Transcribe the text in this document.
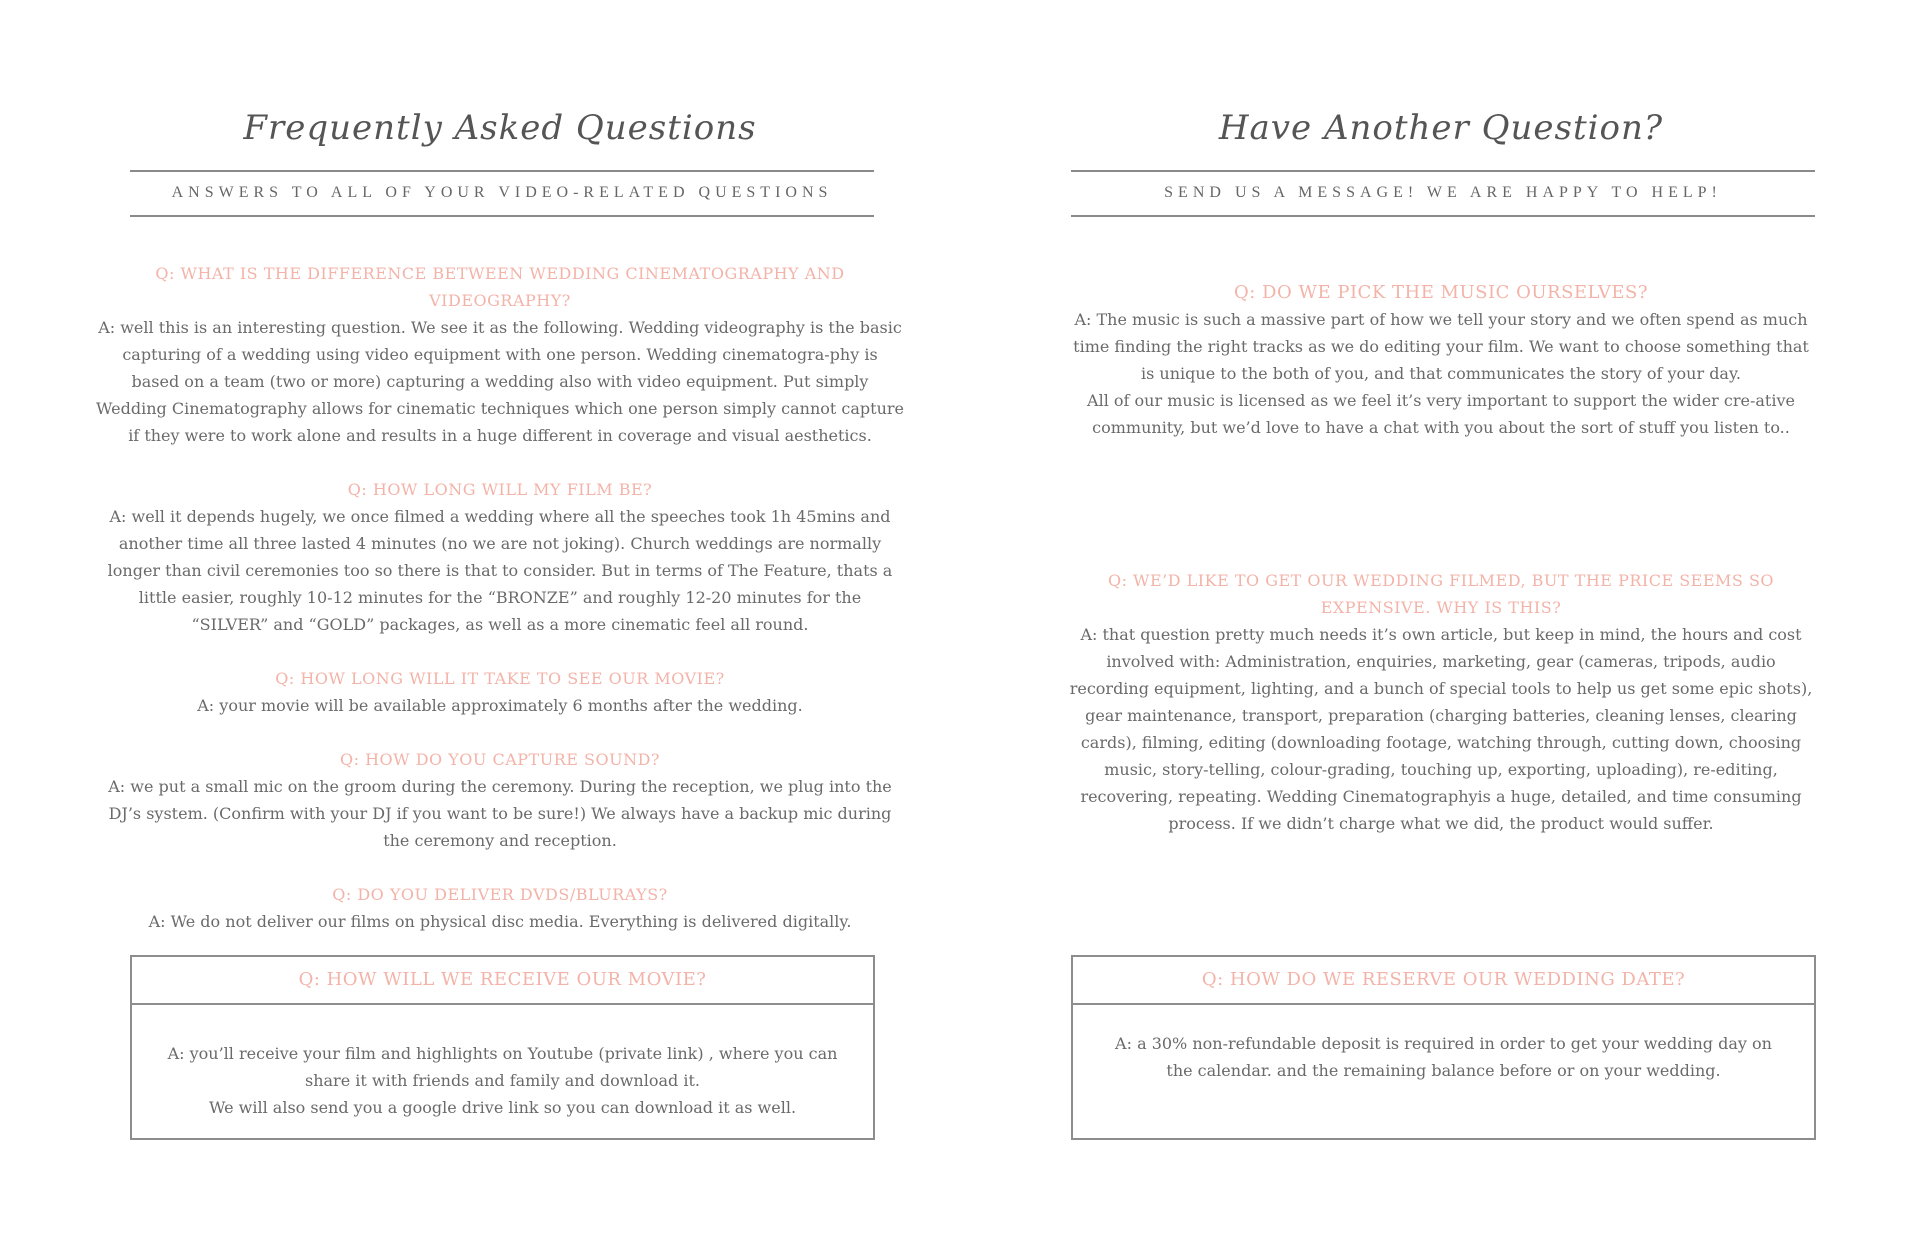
Frequently Asked Questions
ANSWERS TO ALL OF YOUR VIDEO-RELATED QUESTIONS
Q: WHAT IS THE DIFFERENCE BETWEEN WEDDING CINEMATOGRAPHY AND VIDEOGRAPHY?
A: well this is an interesting question. We see it as the following. Wedding videography is the basic capturing of a wedding using video equipment with one person. Wedding cinematogra-phy is based on a team (two or more) capturing a wedding also with video equipment. Put simply Wedding Cinematography allows for cinematic techniques which one person simply cannot capture if they were to work alone and results in a huge different in coverage and visual aesthetics.
Q: HOW LONG WILL MY FILM BE?
A: well it depends hugely, we once filmed a wedding where all the speeches took 1h 45mins and another time all three lasted 4 minutes (no we are not joking). Church weddings are normally longer than civil ceremonies too so there is that to consider. But in terms of The Feature, thats a little easier, roughly 10-12 minutes for the “BRONZE” and roughly 12-20 minutes for the “SILVER” and “GOLD” packages, as well as a more cinematic feel all round.
Q: HOW LONG WILL IT TAKE TO SEE OUR MOVIE?
A: your movie will be available approximately 6 months after the wedding.
Q: HOW DO YOU CAPTURE SOUND?
A: we put a small mic on the groom during the ceremony. During the reception, we plug into the DJ’s system. (Confirm with your DJ if you want to be sure!) We always have a backup mic during the ceremony and reception.
Q: DO YOU DELIVER DVDS/BLURAYS?
A: We do not deliver our films on physical disc media. Everything is delivered digitally.
Q: HOW WILL WE RECEIVE OUR MOVIE?
A: you’ll receive your film and highlights on Youtube (private link) , where you can share it with friends and family and download it.
We will also send you a google drive link so you can download it as well.
Have Another Question?
SEND US A MESSAGE! WE ARE HAPPY TO HELP!
Q: DO WE PICK THE MUSIC OURSELVES?
A: The music is such a massive part of how we tell your story and we often spend as much time finding the right tracks as we do editing your film. We want to choose something that is unique to the both of you, and that communicates the story of your day.
All of our music is licensed as we feel it’s very important to support the wider cre-ative community, but we’d love to have a chat with you about the sort of stuff you listen to..
Q: WE’D LIKE TO GET OUR WEDDING FILMED, BUT THE PRICE SEEMS SO EXPENSIVE. WHY IS THIS?
A: that question pretty much needs it’s own article, but keep in mind, the hours and cost involved with: Administration, enquiries, marketing, gear (cameras, tripods, audio recording equipment, lighting, and a bunch of special tools to help us get some epic shots), gear maintenance, transport, preparation (charging batteries, cleaning lenses, clearing cards), filming, editing (downloading footage, watching through, cutting down, choosing music, story-telling, colour-grading, touching up, exporting, uploading), re-editing, recovering, repeating. Wedding Cinematographyis a huge, detailed, and time consuming process. If we didn’t charge what we did, the product would suffer.
Q: HOW DO WE RESERVE OUR WEDDING DATE?
A: a 30% non-refundable deposit is required in order to get your wedding day on the calendar. and the remaining balance before or on your wedding.
